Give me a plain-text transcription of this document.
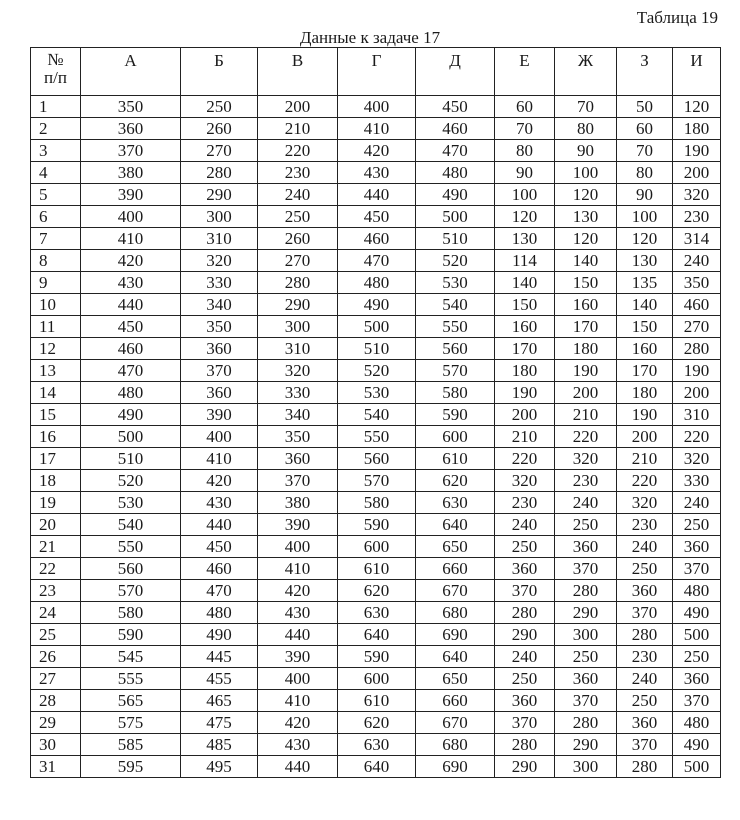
Таблица 19
Данные к задаче 17
№
п/п	А	Б	В	Г	Д	Е	Ж	З	И
1	350	250	200	400	450	60	70	50	120
2	360	260	210	410	460	70	80	60	180
3	370	270	220	420	470	80	90	70	190
4	380	280	230	430	480	90	100	80	200
5	390	290	240	440	490	100	120	90	320
6	400	300	250	450	500	120	130	100	230
7	410	310	260	460	510	130	120	120	314
8	420	320	270	470	520	114	140	130	240
9	430	330	280	480	530	140	150	135	350
10	440	340	290	490	540	150	160	140	460
11	450	350	300	500	550	160	170	150	270
12	460	360	310	510	560	170	180	160	280
13	470	370	320	520	570	180	190	170	190
14	480	360	330	530	580	190	200	180	200
15	490	390	340	540	590	200	210	190	310
16	500	400	350	550	600	210	220	200	220
17	510	410	360	560	610	220	320	210	320
18	520	420	370	570	620	320	230	220	330
19	530	430	380	580	630	230	240	320	240
20	540	440	390	590	640	240	250	230	250
21	550	450	400	600	650	250	360	240	360
22	560	460	410	610	660	360	370	250	370
23	570	470	420	620	670	370	280	360	480
24	580	480	430	630	680	280	290	370	490
25	590	490	440	640	690	290	300	280	500
26	545	445	390	590	640	240	250	230	250
27	555	455	400	600	650	250	360	240	360
28	565	465	410	610	660	360	370	250	370
29	575	475	420	620	670	370	280	360	480
30	585	485	430	630	680	280	290	370	490
31	595	495	440	640	690	290	300	280	500
